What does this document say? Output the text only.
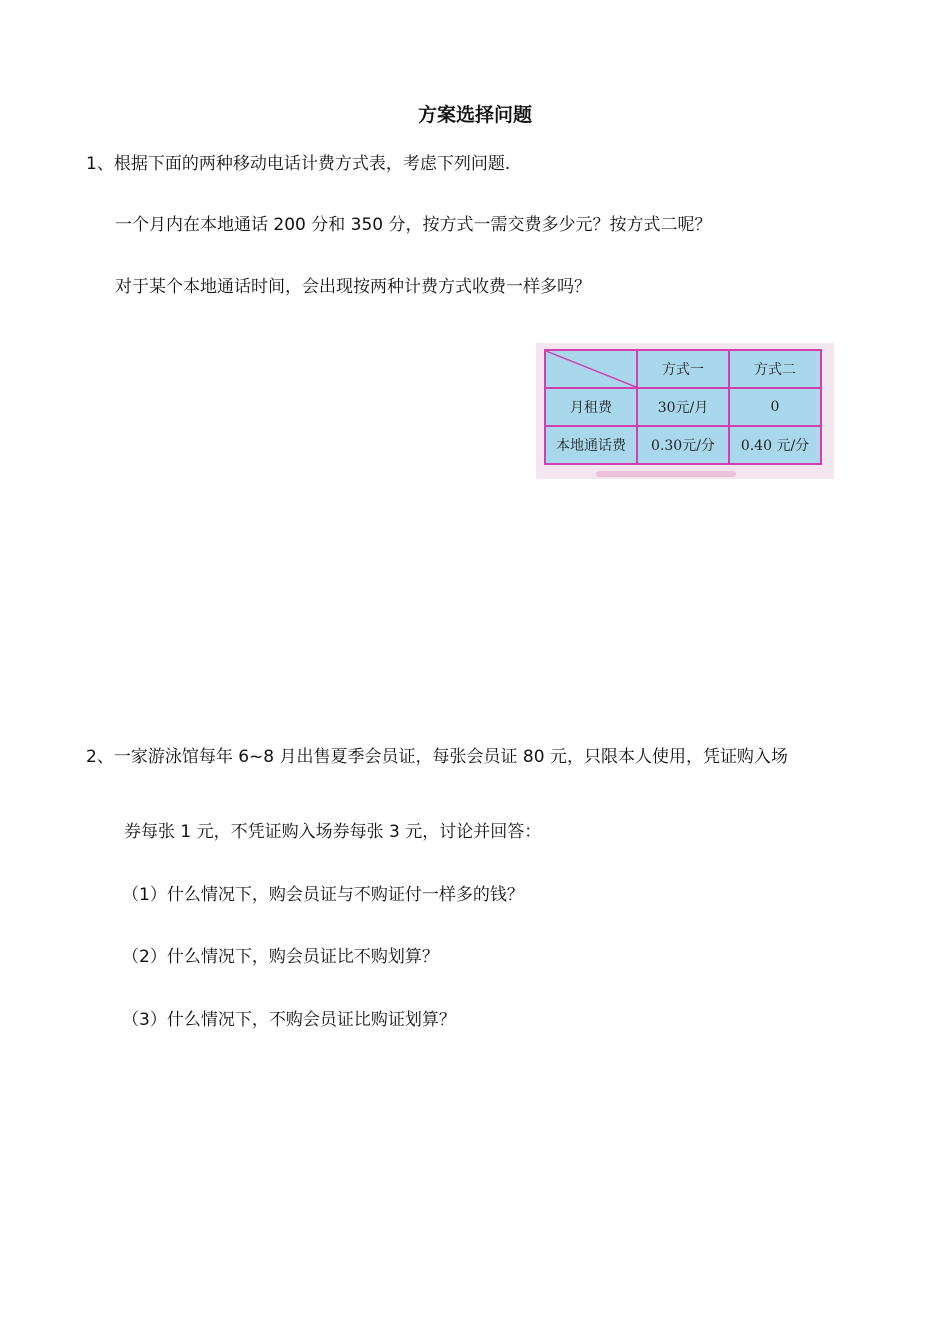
方案选择问题
1、根据下面的两种移动电话计费方式表，考虑下列问题.
一个月内在本地通话 200 分和 350 分，按方式一需交费多少元？按方式二呢？
对于某个本地通话时间，会出现按两种计费方式收费一样多吗？
	方式一	方式二
月租费	30元/月	0
本地通话费	0.30元/分	0.40 元/分
2、一家游泳馆每年 6~8 月出售夏季会员证，每张会员证 80 元，只限本人使用，凭证购入场
券每张 1 元，不凭证购入场券每张 3 元，讨论并回答：
（1）什么情况下，购会员证与不购证付一样多的钱？
（2）什么情况下，购会员证比不购划算？
（3）什么情况下，不购会员证比购证划算？
